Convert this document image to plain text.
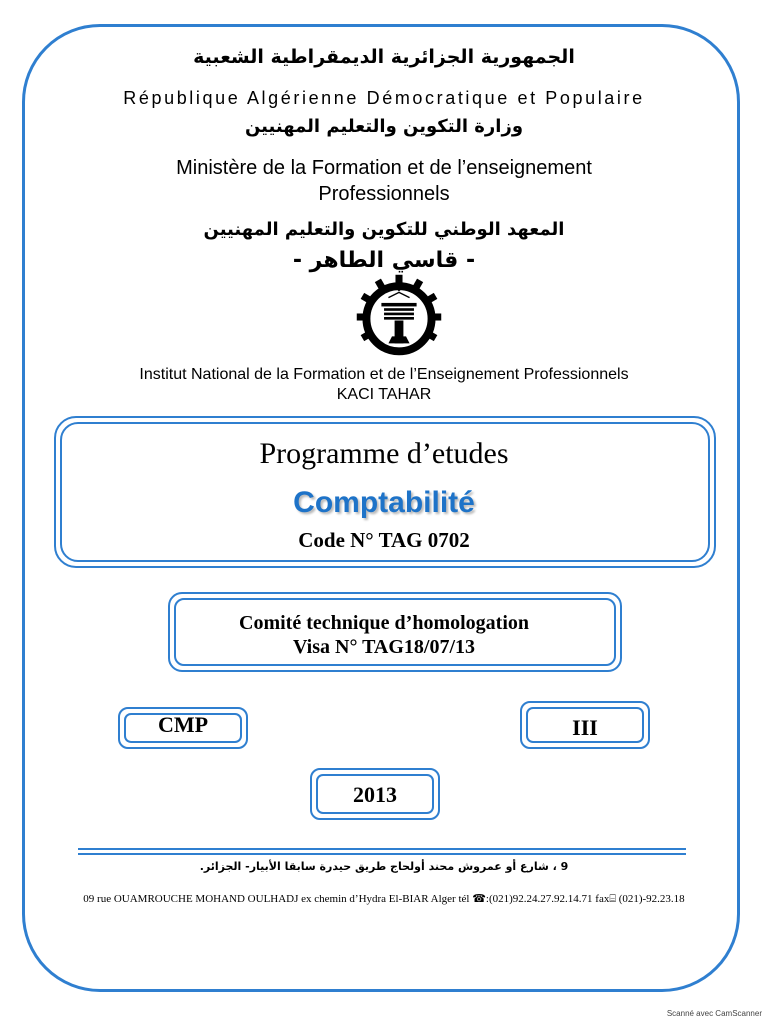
الجمهورية الجزائرية الديمقراطية الشعبية
République Algérienne Démocratique et Populaire
وزارة التكوين والتعليم المهنيين
Ministère de la Formation et de l’enseignement
Professionnels
المعهد الوطني للتكوين والتعليم المهنيين
- قاسي الطاهر -
Institut National de la Formation et de l’Enseignement Professionnels
KACI TAHAR
Programme d’etudes
Comptabilité
Code N° TAG 0702
Comité technique d’homologation
Visa N° TAG18/07/13
CMP	III
2013
9 ، شارع أو عمروش محند أولحاج طريق حيدرة سابقا الأبيار- الجزائر.
09 rue OUAMROUCHE MOHAND OULHADJ ex chemin d’Hydra El-BIAR Alger tél ☎:(021)92.24.27.92.14.71 fax⌸ (021)-92.23.18
Scanné avec CamScanner
